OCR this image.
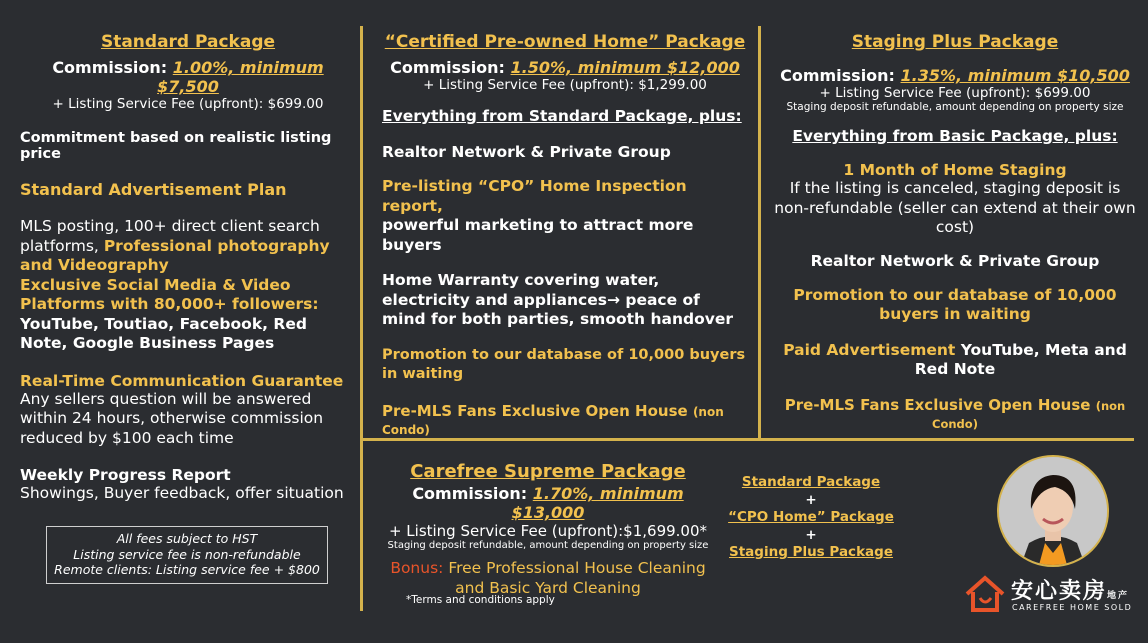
Standard Package
Commission: 1.00%, minimum $7,500
+ Listing Service Fee (upfront): $699.00
Commitment based on realistic listing price
Standard Advertisement Plan
MLS posting, 100+ direct client search platforms, Professional photography and Videography
Exclusive Social Media & Video Platforms with 80,000+ followers: YouTube, Toutiao, Facebook, Red Note, Google Business Pages
Real-Time Communication Guarantee
Any sellers question will be answered within 24 hours, otherwise commission reduced by $100 each time
Weekly Progress Report
Showings, Buyer feedback, offer situation
All fees subject to HST
Listing service fee is non-refundable
Remote clients: Listing service fee + $800
“Certified Pre-owned Home” Package
Commission: 1.50%, minimum $12,000
+ Listing Service Fee (upfront): $1,299.00
Everything from Standard Package, plus:
Realtor Network & Private Group
Pre-listing “CPO” Home Inspection report,
powerful marketing to attract more buyers
Home Warranty covering water, electricity and appliances→ peace of mind for both parties, smooth handover
Promotion to our database of 10,000 buyers in waiting
Pre-MLS Fans Exclusive Open House (non Condo)
Staging Plus Package
Commission: 1.35%, minimum $10,500
+ Listing Service Fee (upfront): $699.00
Staging deposit refundable, amount depending on property size
Everything from Basic Package, plus:
1 Month of Home Staging
If the listing is canceled, staging deposit is non-refundable (seller can extend at their own cost)
Realtor Network & Private Group
Promotion to our database of 10,000 buyers in waiting
Paid Advertisement YouTube, Meta and Red Note
Pre-MLS Fans Exclusive Open House (non Condo)
Carefree Supreme Package
Commission: 1.70%, minimum $13,000
+ Listing Service Fee (upfront):$1,699.00*
Staging deposit refundable, amount depending on property size
Bonus: Free Professional House Cleaning and Basic Yard Cleaning
*Terms and conditions apply
Standard Package
+
“CPO Home” Package
+
Staging Plus Package
安心卖房地产
CAREFREE HOME SOLD
